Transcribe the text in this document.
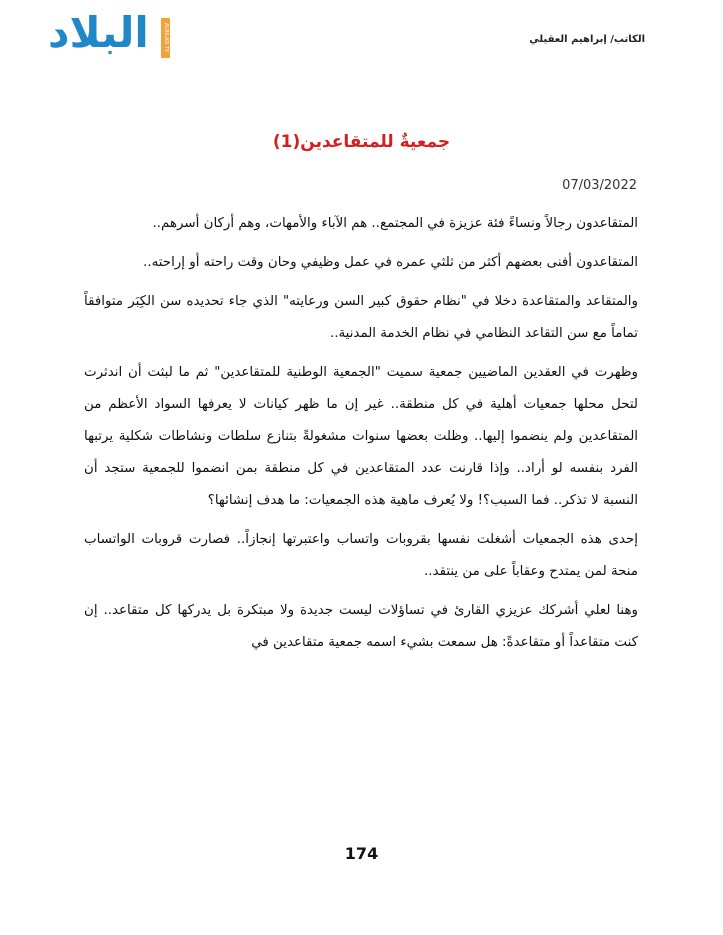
البلاد	ALBILAD TV	الكاتب/ إبراهيم العقيلي
جمعيةٌ للمتقاعدين(1)
07/03/2022

المتقاعدون رجالاً ونساءً فئة عزيزة في المجتمع.. هم الآباء والأمهات، وهم أركان أسرهم..

المتقاعدون أفنى بعضهم أكثر من ثلثي عمره في عمل وظيفي وحان وقت راحته أو إراحته..

والمتقاعد والمتقاعدة دخلا في "نظام حقوق كبير السن ورعايته" الذي جاء تحديده سن الكِبَر متوافقاً تماماً مع سن التقاعد النظامي في نظام الخدمة المدنية..

وظهرت في العقدين الماضيين جمعية سميت "الجمعية الوطنية للمتقاعدين" ثم ما لبثت أن اندثرت لتحل محلها جمعيات أهلية في كل منطقة.. غير إن ما ظهر كيانات لا يعرفها السواد الأعظم من المتقاعدين ولم ينضموا إليها.. وظلت بعضها سنوات مشغولةً بتنازع سلطات ونشاطات شكلية يرتبها الفرد بنفسه لو أراد.. وإذا قارنت عدد المتقاعدين في كل منطقة بمن انضموا للجمعية ستجد أن النسبة لا تذكر.. فما السبب؟! ولا يُعرف ماهية هذه الجمعيات: ما هدف إنشائها؟

إحدى هذه الجمعيات أشغلت نفسها بقروبات واتساب واعتبرتها إنجازاً.. فصارت قروبات الواتساب منحة لمن يمتدح وعقاباً على من ينتقد..

وهنا لعلي أشركك عزيزي القارئ في تساؤلات ليست جديدة ولا مبتكرة بل يدركها كل متقاعد.. إن كنت متقاعداً أو متقاعدةً: هل سمعت بشيء اسمه جمعية متقاعدين في

174
